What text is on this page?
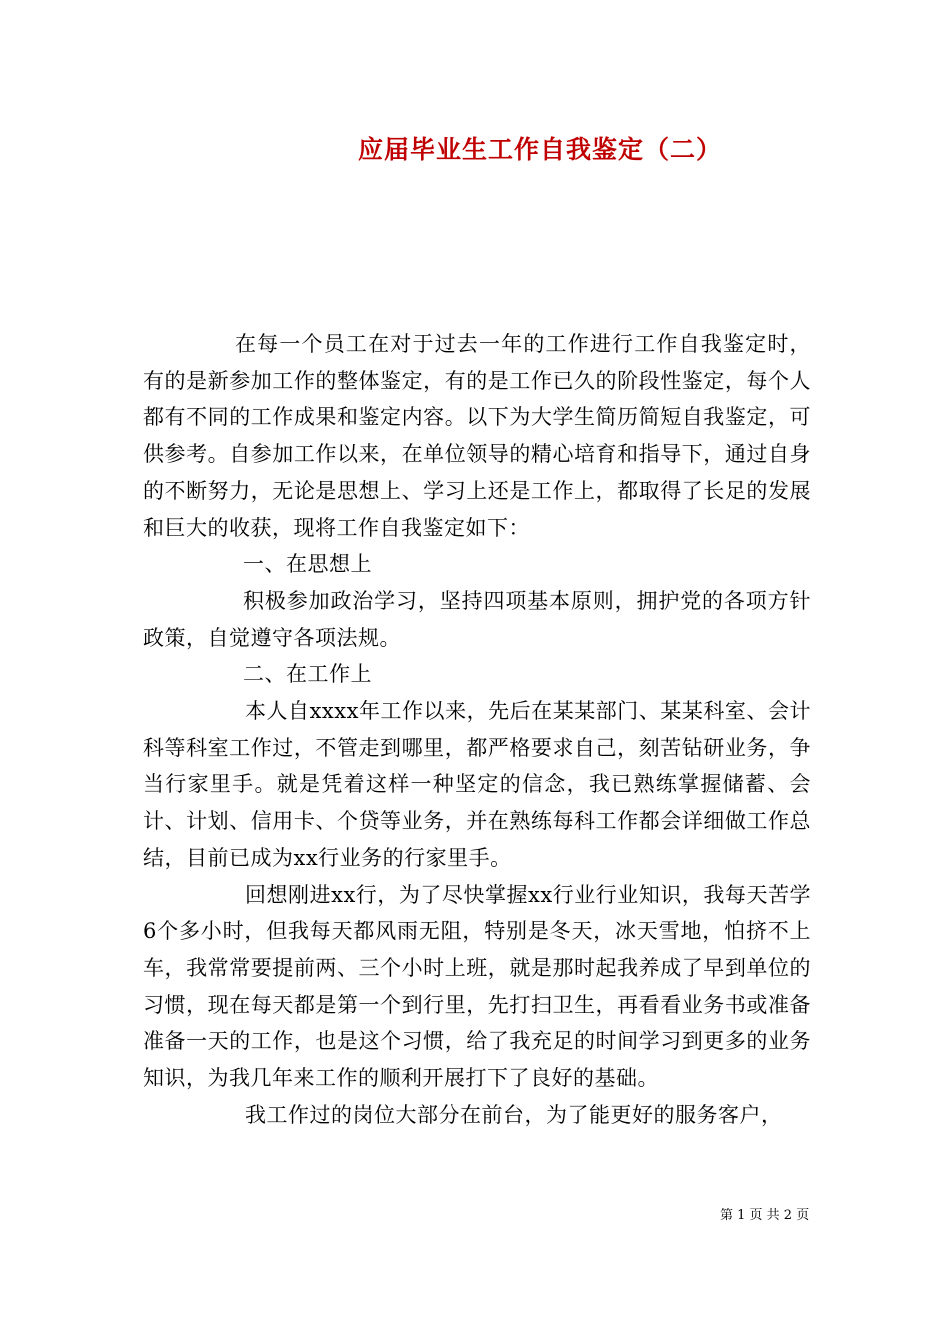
应届毕业生工作自我鉴定（二）

在每一个员工在对于过去一年的工作进行工作自我鉴定时，有的是新参加工作的整体鉴定，有的是工作已久的阶段性鉴定，每个人都有不同的工作成果和鉴定内容。以下为大学生简历简短自我鉴定，可供参考。自参加工作以来，在单位领导的精心培育和指导下，通过自身的不断努力，无论是思想上、学习上还是工作上，都取得了长足的发展和巨大的收获，现将工作自我鉴定如下：

一、在思想上

积极参加政治学习，坚持四项基本原则，拥护党的各项方针政策，自觉遵守各项法规。

二、在工作上

本人自xxxx年工作以来，先后在某某部门、某某科室、会计科等科室工作过，不管走到哪里，都严格要求自己，刻苦钻研业务，争当行家里手。就是凭着这样一种坚定的信念，我已熟练掌握储蓄、会计、计划、信用卡、个贷等业务，并在熟练每科工作都会详细做工作总结，目前已成为xx行业务的行家里手。

回想刚进xx行，为了尽快掌握xx行业行业知识，我每天苦学6个多小时，但我每天都风雨无阻，特别是冬天，冰天雪地，怕挤不上车，我常常要提前两、三个小时上班，就是那时起我养成了早到单位的习惯，现在每天都是第一个到行里，先打扫卫生，再看看业务书或准备准备一天的工作，也是这个习惯，给了我充足的时间学习到更多的业务知识，为我几年来工作的顺利开展打下了良好的基础。

我工作过的岗位大部分在前台，为了能更好的服务客户，

第 1 页 共 2 页
